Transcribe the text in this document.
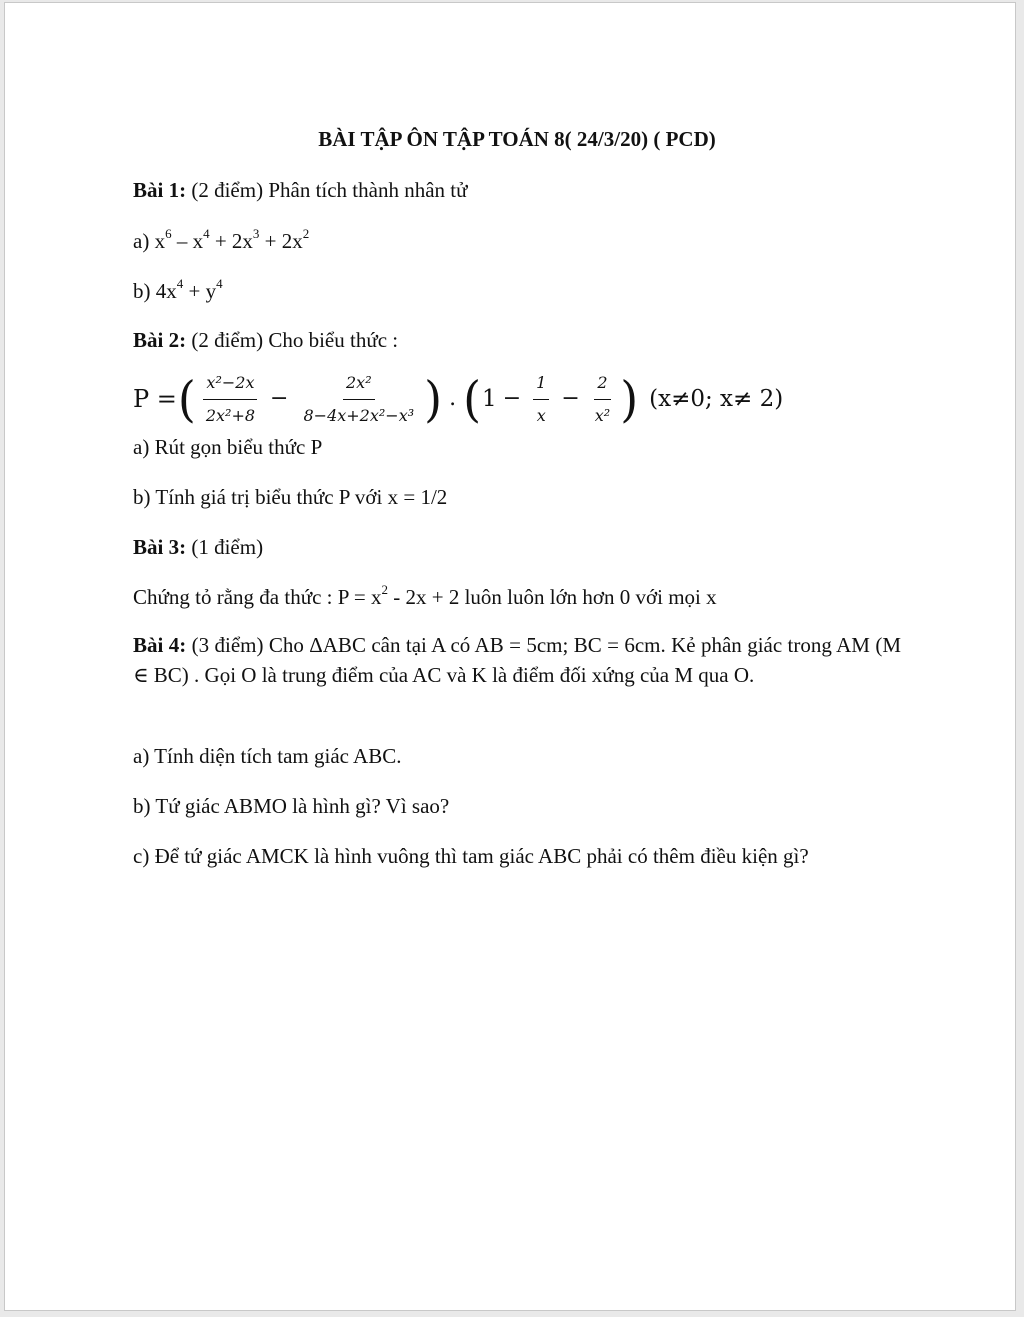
BÀI TẬP ÔN TẬP TOÁN 8( 24/3/20) ( PCD)
Bài 1: (2 điểm) Phân tích thành nhân tử
a) $x^6 - x^4 + 2x^3 + 2x^2$
b) $4x^4 + y^4$
Bài 2: (2 điểm) Cho biểu thức :
P = ( $\frac{\text{x²−2x}}{\text{2x²+8}} - \frac{\text{2x²}}{\text{8−4x+2x²−x³}}$ ) . ( $1 - \frac{1}{x} - \frac{2}{\text{x²}}$ ) (x≠0; x≠ 2)
a) Rút gọn biểu thức P
b) Tính giá trị biểu thức P với x = 1/2
Bài 3: (1 điểm)
Chứng tỏ rằng đa thức : $P = x^2 - 2x + 2$ luôn luôn lớn hơn 0 với mọi x
Bài 4: (3 điểm) Cho ΔABC cân tại A có AB = 5cm; BC = 6cm. Kẻ phân giác trong AM (M ∈ BC) . Gọi O là trung điểm của AC và K là điểm đối xứng của M qua O.
a) Tính diện tích tam giác ABC.
b) Tứ giác ABMO là hình gì? Vì sao?
c) Để tứ giác AMCK là hình vuông thì tam giác ABC phải có thêm điều kiện gì?
